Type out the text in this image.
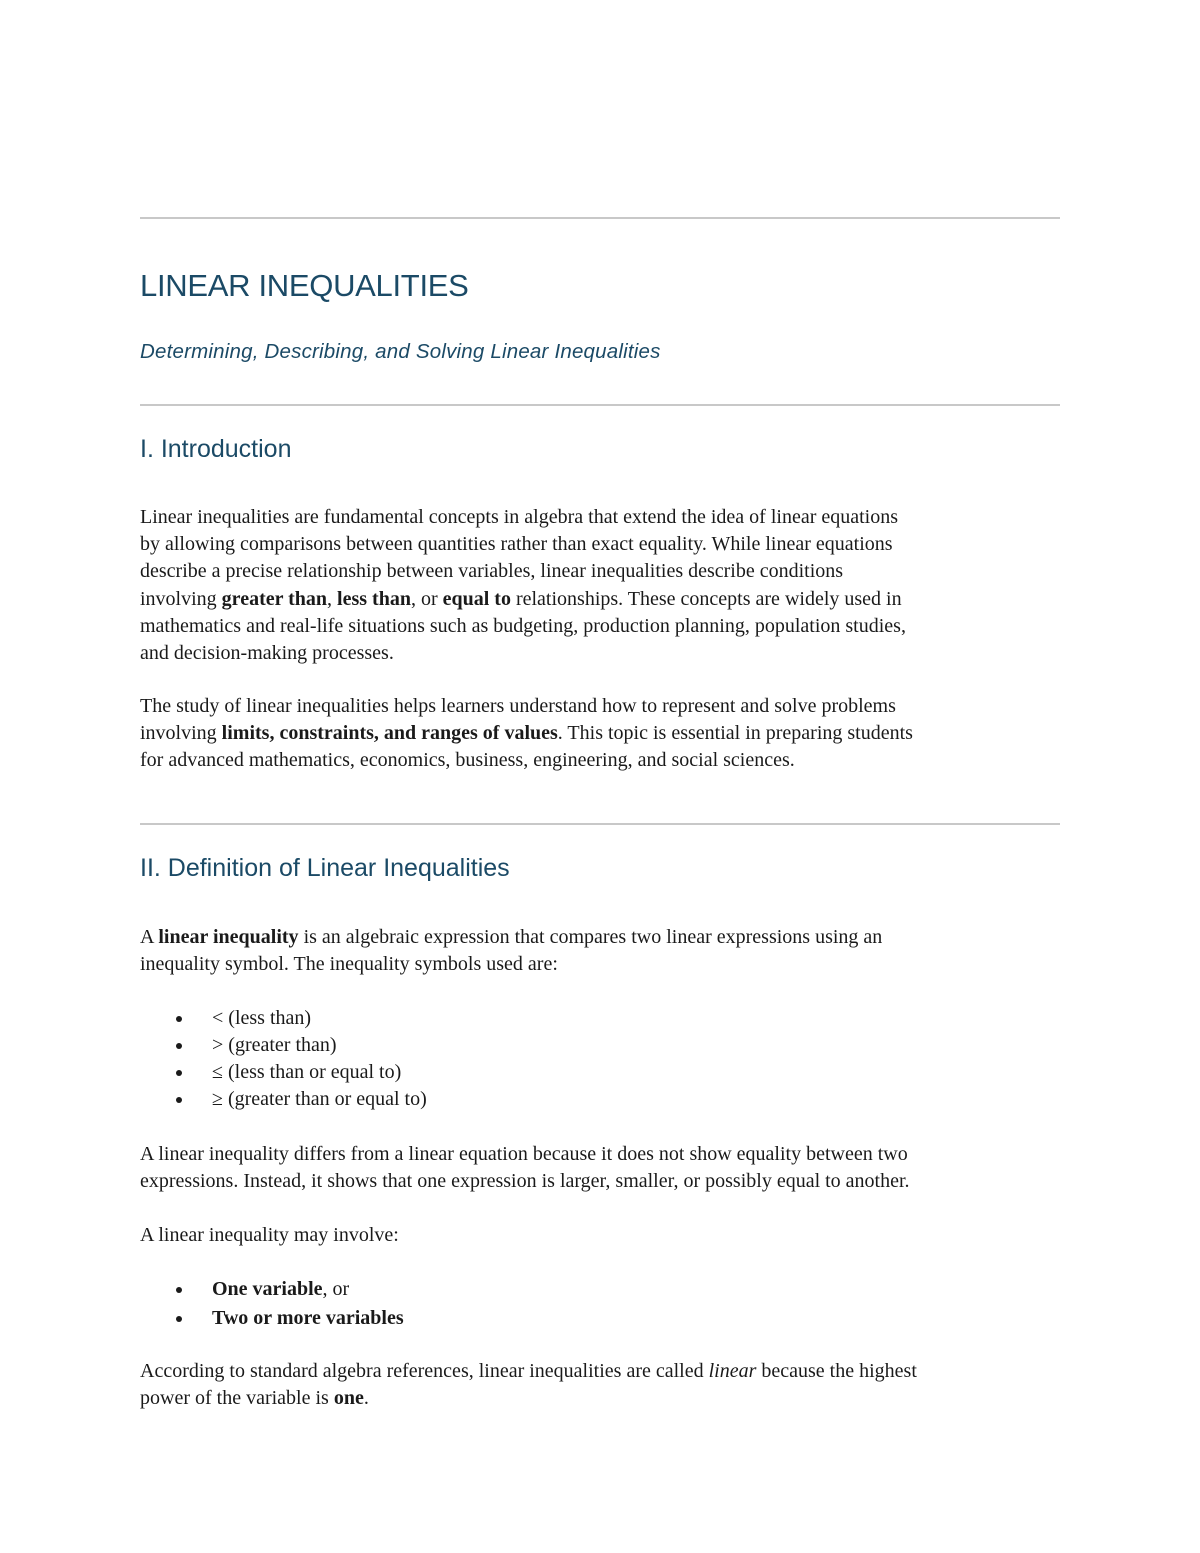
LINEAR INEQUALITIES

Determining, Describing, and Solving Linear Inequalities

I. Introduction
Linear inequalities are fundamental concepts in algebra that extend the idea of linear equations
by allowing comparisons between quantities rather than exact equality. While linear equations
describe a precise relationship between variables, linear inequalities describe conditions
involving greater than, less than, or equal to relationships. These concepts are widely used in
mathematics and real-life situations such as budgeting, production planning, population studies,
and decision-making processes.
The study of linear inequalities helps learners understand how to represent and solve problems
involving limits, constraints, and ranges of values. This topic is essential in preparing students
for advanced mathematics, economics, business, engineering, and social sciences.
II. Definition of Linear Inequalities
A linear inequality is an algebraic expression that compares two linear expressions using an
inequality symbol. The inequality symbols used are:
< (less than)
> (greater than)
≤ (less than or equal to)
≥ (greater than or equal to)
A linear inequality differs from a linear equation because it does not show equality between two
expressions. Instead, it shows that one expression is larger, smaller, or possibly equal to another.
A linear inequality may involve:
One variable, or
Two or more variables
According to standard algebra references, linear inequalities are called linear because the highest
power of the variable is one.
